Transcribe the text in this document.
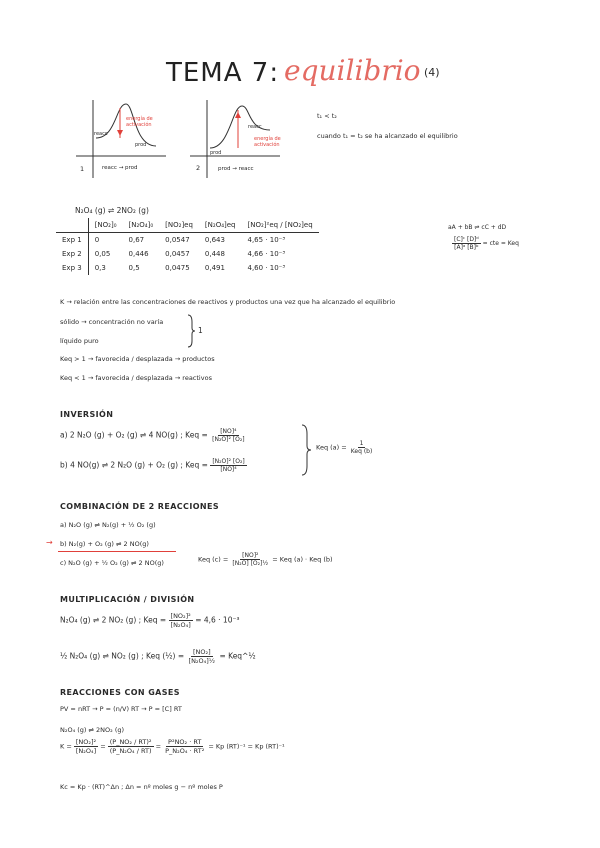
TEMA 7: equilibrio (4)
reacc
prod
energía de activación
1	reacc → prod
reacc
prod
energía de activación
2	prod → reacc
t₁ < t₂
cuando t₁ = t₂ se ha alcanzado el equilibrio
N₂O₄ (g) ⇌ 2NO₂ (g)
	[NO₂]₀	[N₂O₄]₀	[NO₂]eq	[N₂O₄]eq	[NO₂]²eq / [NO₂]eq
Exp 1	0	0,67	0,0547	0,643	4,65 · 10⁻³
Exp 2	0,05	0,446	0,0457	0,448	4,66 · 10⁻³
Exp 3	0,3	0,5	0,0475	0,491	4,60 · 10⁻³
aA + bB ⇌ cC + dD
$\frac{\text{[C]ᶜ [D]ᵈ}}{\text{[A]ᵃ [B]ᵇ}}$ = cte = Keq
K → relación entre las concentraciones de reactivos y productos una vez que ha alcanzado el equilibrio
sólido → concentración no varía
líquido puro
1
Keq > 1 → favorecida / desplazada → productos
Keq < 1 → favorecida / desplazada → reactivos
INVERSIÓN
a) 2 N₂O (g) + O₂ (g) ⇌ 4 NO(g) ; Keq = $\frac{\text{[NO]⁴}}{\text{[N₂O]² [O₂]}}$
b) 4 NO(g) ⇌ 2 N₂O (g) + O₂ (g) ; Keq = $\frac{\text{[N₂O]² [O₂]}}{\text{[NO]⁴}}$
Keq $(a) = \frac{1}{\text{Keq (b)}}$
COMBINACIÓN DE 2 REACCIONES
a) N₂O (g) ⇌ N₂(g) + ½ O₂ (g)
→ b) N₂(g) + O₂ (g) ⇌ 2 NO(g)
c) N₂O (g) + ½ O₂ (g) ⇌ 2 NO(g)	Keq $(c) = \frac{\text{[NO]²}}{\text{[N₂O] [O₂]½}}$ = Keq (a) · Keq (b)
MULTIPLICACIÓN / DIVISIÓN
N₂O₄ (g) ⇌ 2 NO₂ (g) ; Keq = $\frac{\text{[NO₂]²}}{\text{[N₂O₄]}} = 4,6 \cdot 10^{-3}$
½ N₂O₄ (g) ⇌ NO₂ (g) ; Keq (½) = $\frac{\text{[NO₂]}}{\text{[N₂O₄]½}}$ = Keq^½
REACCIONES CON GASES
PV = nRT → P = (n/V) RT → P = [C] RT
N₂O₄ (g) ⇌ 2NO₂ (g)
$K = \frac{\text{[NO₂]²}}{\text{[N₂O₄]}} = \frac{\text{(P\_NO₂ / RT)²}}{\text{(P\_N₂O₄ / RT)}} = \frac{\text{P²NO₂ · RT}}{\text{P\_N₂O₄ · RT²}} = Kp$ (RT)⁻¹ = Kp (RT)⁻¹
Kc = Kp · (RT)^Δn ; Δn = nº moles g − nº moles P
